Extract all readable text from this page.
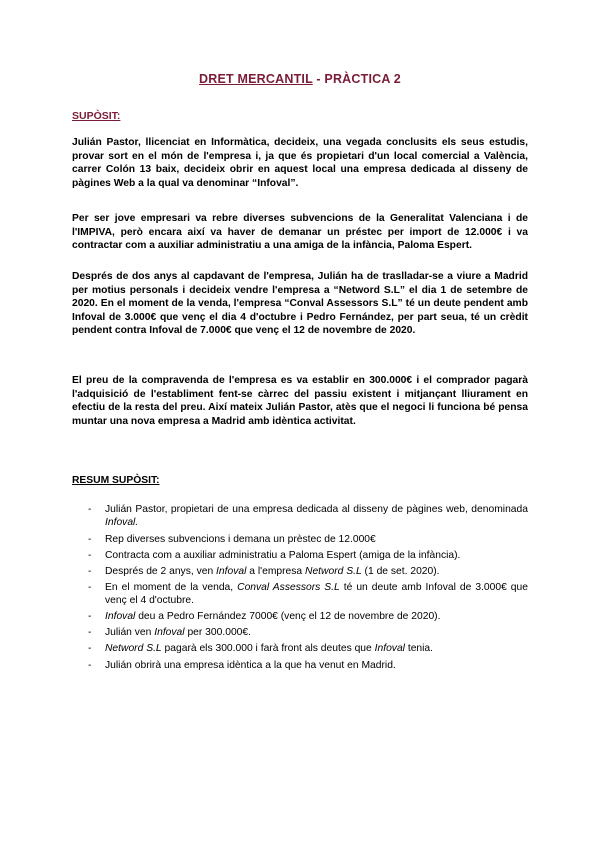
DRET MERCANTIL - PRÀCTICA 2
SUPÒSIT:
Julián Pastor, llicenciat en Informàtica, decideix, una vegada conclusits els seus estudis, provar sort en el món de l'empresa i, ja que és propietari d'un local comercial a València, carrer Colón 13 baix, decideix obrir en aquest local una empresa dedicada al disseny de pàgines Web a la qual va denominar “Infoval”.
Per ser jove empresari va rebre diverses subvencions de la Generalitat Valenciana i de l'IMPIVA, però encara així va haver de demanar un préstec per import de 12.000€ i va contractar com a auxiliar administratiu a una amiga de la infància, Paloma Espert.
Després de dos anys al capdavant de l'empresa, Julián ha de traslladar-se a viure a Madrid per motius personals i decideix vendre l'empresa a “Netword S.L” el dia 1 de setembre de 2020. En el moment de la venda, l'empresa “Conval Assessors S.L” té un deute pendent amb Infoval de 3.000€ que venç el dia 4 d'octubre i Pedro Fernández, per part seua, té un crèdit pendent contra Infoval de 7.000€ que venç el 12 de novembre de 2020.
El preu de la compravenda de l'empresa es va establir en 300.000€ i el comprador pagarà l'adquisició de l'establiment fent-se càrrec del passiu existent i mitjançant lliurament en efectiu de la resta del preu. Així mateix Julián Pastor, atès que el negoci li funciona bé pensa muntar una nova empresa a Madrid amb idèntica activitat.
RESUM SUPÒSIT:
- Julián Pastor, propietari de una empresa dedicada al disseny de pàgines web, denominada Infoval.
- Rep diverses subvencions i demana un prèstec de 12.000€
- Contracta com a auxiliar administratiu a Paloma Espert (amiga de la infància).
- Després de 2 anys, ven Infoval a l'empresa Netword S.L (1 de set. 2020).
- En el moment de la venda, Conval Assessors S.L té un deute amb Infoval de 3.000€ que venç el 4 d'octubre.
- Infoval deu a Pedro Fernández 7000€ (venç el 12 de novembre de 2020).
- Julián ven Infoval per 300.000€.
- Netword S.L pagarà els 300.000 i farà front als deutes que Infoval tenia.
- Julián obrirà una empresa idèntica a la que ha venut en Madrid.
